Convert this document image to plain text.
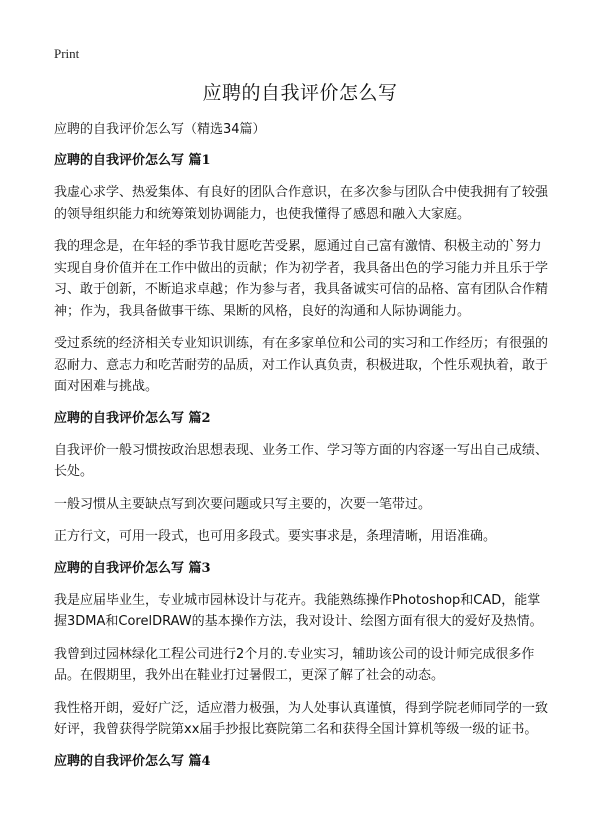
Print
应聘的自我评价怎么写

应聘的自我评价怎么写（精选34篇）

应聘的自我评价怎么写 篇1

我虚心求学、热爱集体、有良好的团队合作意识，在多次参与团队合中使我拥有了较强的领导组织能力和统筹策划协调能力，也使我懂得了感恩和融入大家庭。

我的理念是，在年轻的季节我甘愿吃苦受累，愿通过自己富有激情、积极主动的`努力实现自身价值并在工作中做出的贡献；作为初学者，我具备出色的学习能力并且乐于学习、敢于创新，不断追求卓越；作为参与者，我具备诚实可信的品格、富有团队合作精神；作为，我具备做事干练、果断的风格，良好的沟通和人际协调能力。

受过系统的经济相关专业知识训练，有在多家单位和公司的实习和工作经历；有很强的忍耐力、意志力和吃苦耐劳的品质，对工作认真负责，积极进取，个性乐观执着，敢于面对困难与挑战。

应聘的自我评价怎么写 篇2

自我评价一般习惯按政治思想表现、业务工作、学习等方面的内容逐一写出自己成绩、长处。

一般习惯从主要缺点写到次要问题或只写主要的，次要一笔带过。

正方行文，可用一段式，也可用多段式。要实事求是，条理清晰，用语准确。

应聘的自我评价怎么写 篇3

我是应届毕业生，专业城市园林设计与花卉。我能熟练操作Photoshop和CAD，能掌握3DMA和CorelDRAW的基本操作方法，我对设计、绘图方面有很大的爱好及热情。

我曾到过园林绿化工程公司进行2个月的.专业实习，辅助该公司的设计师完成很多作品。在假期里，我外出在鞋业打过暑假工，更深了解了社会的动态。

我性格开朗，爱好广泛，适应潜力极强，为人处事认真谨慎，得到学院老师同学的一致好评，我曾获得学院第xx届手抄报比赛院第二名和获得全国计算机等级一级的证书。

应聘的自我评价怎么写 篇4
